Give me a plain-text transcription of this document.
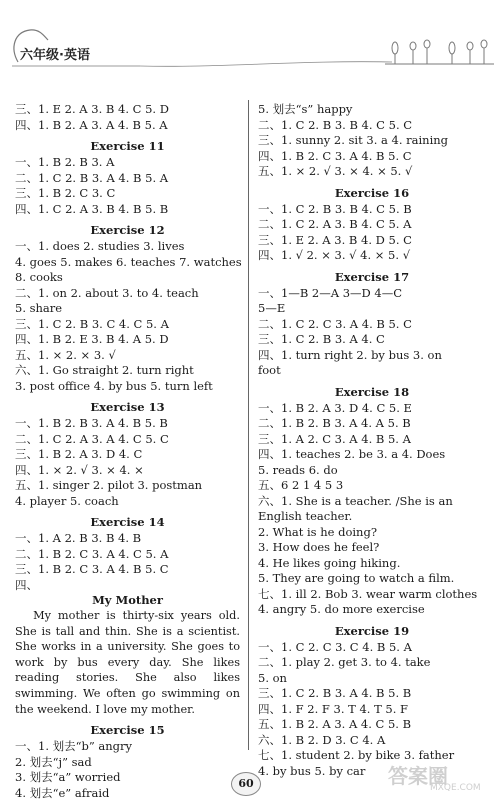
六年级·英语
三、1. E 2. A 3. B 4. C 5. D
四、1. B 2. A 3. A 4. B 5. A
Exercise 11
一、1. B 2. B 3. A
二、1. C 2. B 3. A 4. B 5. A
三、1. B 2. C 3. C
四、1. C 2. A 3. B 4. B 5. B
Exercise 12
一、1. does 2. studies 3. lives
4. goes 5. makes 6. teaches 7. watches
8. cooks
二、1. on 2. about 3. to 4. teach
5. share
三、1. C 2. B 3. C 4. C 5. A
四、1. B 2. E 3. B 4. A 5. D
五、1. × 2. × 3. √
六、1. Go straight 2. turn right
3. post office 4. by bus 5. turn left
Exercise 13
一、1. B 2. B 3. A 4. B 5. B
二、1. C 2. A 3. A 4. C 5. C
三、1. B 2. A 3. D 4. C
四、1. × 2. √ 3. × 4. ×
五、1. singer 2. pilot 3. postman
4. player 5. coach
Exercise 14
一、1. A 2. B 3. B 4. B
二、1. B 2. C 3. A 4. C 5. A
三、1. B 2. C 3. A 4. B 5. C
四、
My Mother

My mother is thirty-six years old. She is tall and thin. She is a scientist. She works in a university. She goes to work by bus every day. She likes reading stories. She also likes swimming. We often go swimming on the weekend. I love my mother.

Exercise 15
一、1. 划去“b” angry
2. 划去“j” sad
3. 划去“a” worried
4. 划去“e” afraid
5. 划去“s” happy
二、1. C 2. B 3. B 4. C 5. C
三、1. sunny 2. sit 3. a 4. raining
四、1. B 2. C 3. A 4. B 5. C
五、1. × 2. √ 3. × 4. × 5. √
Exercise 16
一、1. C 2. B 3. B 4. C 5. B
二、1. C 2. A 3. B 4. C 5. A
三、1. E 2. A 3. B 4. D 5. C
四、1. √ 2. × 3. √ 4. × 5. √
Exercise 17
一、1—B 2—A 3—D 4—C
5—E
二、1. C 2. C 3. A 4. B 5. C
三、1. C 2. B 3. A 4. C
四、1. turn right 2. by bus 3. on
foot
Exercise 18
一、1. B 2. A 3. D 4. C 5. E
二、1. B 2. B 3. A 4. A 5. B
三、1. A 2. C 3. A 4. B 5. A
四、1. teaches 2. be 3. a 4. Does
5. reads 6. do
五、6 2 1 4 5 3
六、1. She is a teacher. /She is an
English teacher.
2. What is he doing?
3. How does he feel?
4. He likes going hiking.
5. They are going to watch a film.
七、1. ill 2. Bob 3. wear warm clothes
4. angry 5. do more exercise
Exercise 19
一、1. C 2. C 3. C 4. B 5. A
二、1. play 2. get 3. to 4. take
5. on
三、1. C 2. B 3. A 4. B 5. B
四、1. F 2. F 3. T 4. T 5. F
五、1. B 2. A 3. A 4. C 5. B
六、1. B 2. D 3. C 4. A
七、1. student 2. by bike 3. father
4. by bus 5. by car
60	答案圈
MXQE.COM
